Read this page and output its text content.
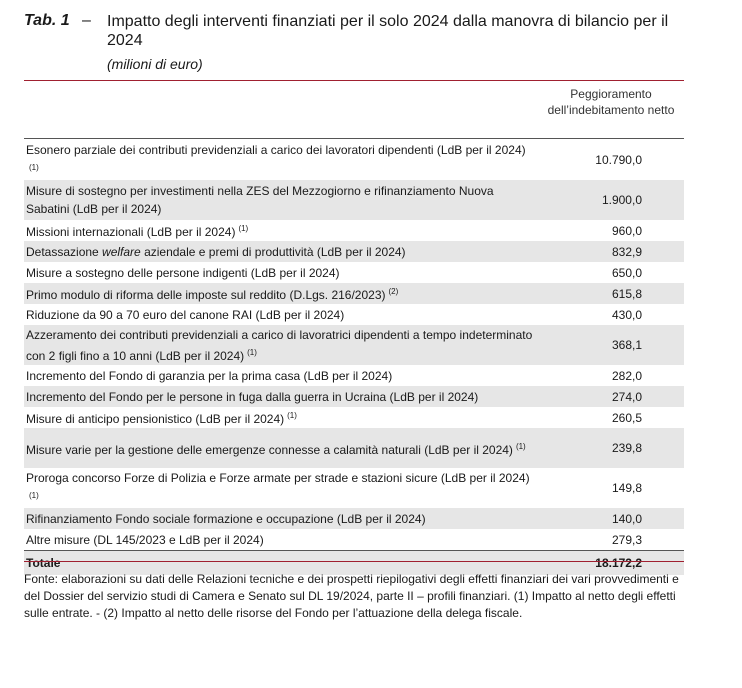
Tab. 1 – Impatto degli interventi finanziati per il solo 2024 dalla manovra di bilancio per il 2024
(milioni di euro)
Peggioramento dell’indebitamento netto
Esonero parziale dei contributi previdenziali a carico dei lavoratori dipendenti (LdB per il 2024)$^{(1)}$	10.790,0
Misure di sostegno per investimenti nella ZES del Mezzogiorno e rifinanziamento Nuova Sabatini (LdB per il 2024)	1.900,0
Missioni internazionali (LdB per il 2024) $^{(1)}$	960,0
Detassazione welfare aziendale e premi di produttività (LdB per il 2024)	832,9
Misure a sostegno delle persone indigenti (LdB per il 2024)	650,0
Primo modulo di riforma delle imposte sul reddito (D.Lgs. 216/2023) $^{(2)}$	615,8
Riduzione da 90 a 70 euro del canone RAI (LdB per il 2024)	430,0
Azzeramento dei contributi previdenziali a carico di lavoratrici dipendenti a tempo indeterminato con 2 figli fino a 10 anni (LdB per il 2024) $^{(1)}$	368,1
Incremento del Fondo di garanzia per la prima casa (LdB per il 2024)	282,0
Incremento del Fondo per le persone in fuga dalla guerra in Ucraina (LdB per il 2024)	274,0
Misure di anticipo pensionistico (LdB per il 2024) $^{(1)}$	260,5
Misure varie per la gestione delle emergenze connesse a calamità naturali (LdB per il 2024) $^{(1)}$	239,8
Proroga concorso Forze di Polizia e Forze armate per strade e stazioni sicure (LdB per il 2024)$^{(1)}$	149,8
Rifinanziamento Fondo sociale formazione e occupazione (LdB per il 2024)	140,0
Altre misure (DL 145/2023 e LdB per il 2024)	279,3
Totale	18.172,2
Fonte: elaborazioni su dati delle Relazioni tecniche e dei prospetti riepilogativi degli effetti finanziari dei vari provvedimenti e del Dossier del servizio studi di Camera e Senato sul DL 19/2024, parte II – profili finanziari. (1) Impatto al netto degli effetti sulle entrate. - (2) Impatto al netto delle risorse del Fondo per l’attuazione della delega fiscale.
